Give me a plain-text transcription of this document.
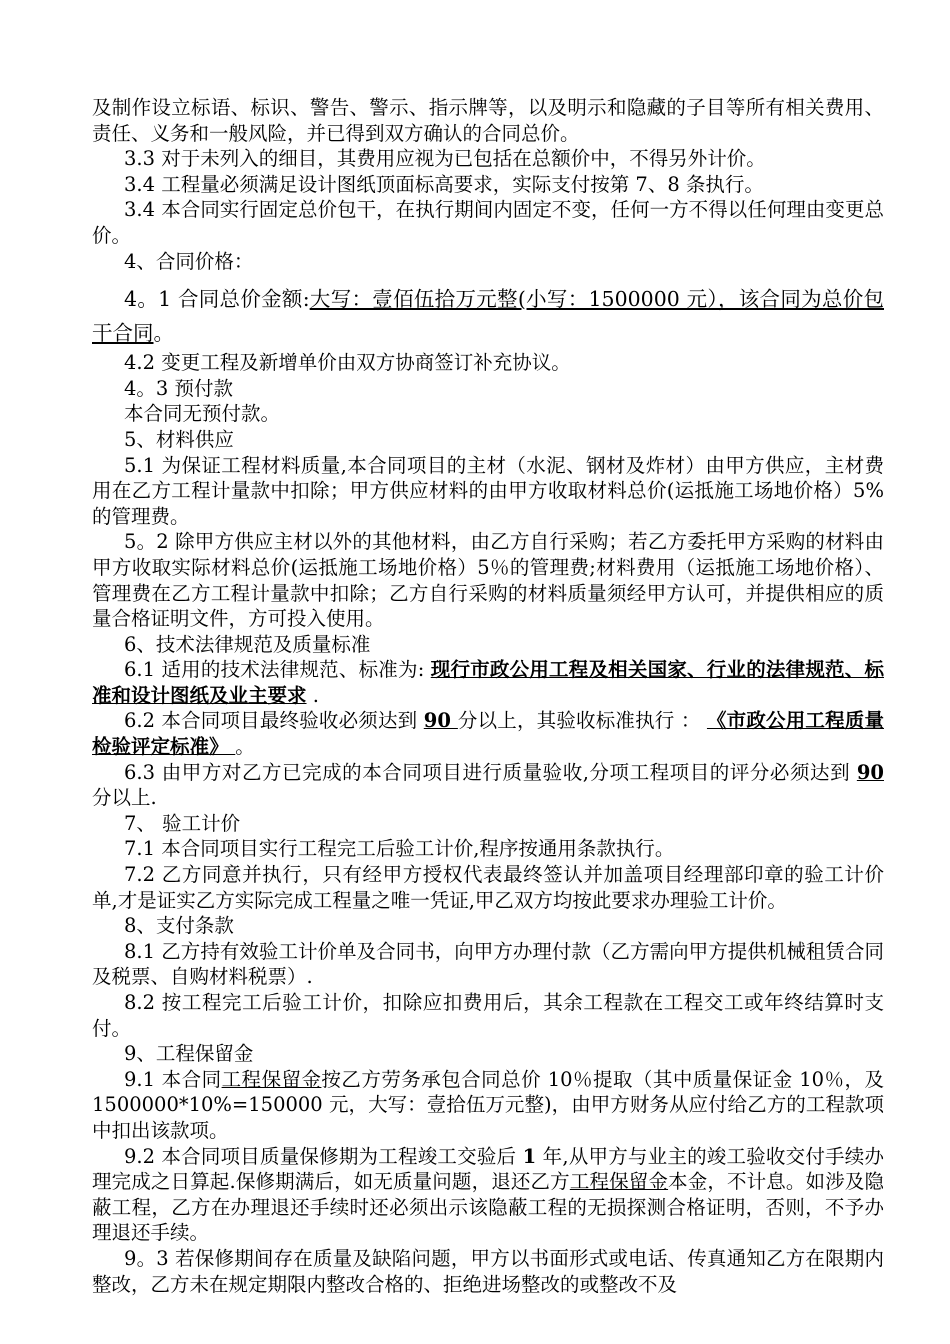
及制作设立标语、标识、警告、警示、指示牌等，以及明示和隐藏的子目等所有相关费用、责任、义务和一般风险，并已得到双方确认的合同总价。

3.3 对于未列入的细目，其费用应视为已包括在总额价中，不得另外计价。

3.4 工程量必须满足设计图纸顶面标高要求，实际支付按第 7、8 条执行。

3.4 本合同实行固定总价包干，在执行期间内固定不变，任何一方不得以任何理由变更总价。

4、合同价格：

4。1 合同总价金额:大写：壹佰伍拾万元整(小写：1500000 元），该合同为总价包干合同。

4.2 变更工程及新增单价由双方协商签订补充协议。

4。3 预付款

本合同无预付款。

5、材料供应

5.1 为保证工程材料质量,本合同项目的主材（水泥、钢材及炸材）由甲方供应，主材费用在乙方工程计量款中扣除；甲方供应材料的由甲方收取材料总价(运抵施工场地价格）5%的管理费。

5。2 除甲方供应主材以外的其他材料，由乙方自行采购；若乙方委托甲方采购的材料由甲方收取实际材料总价(运抵施工场地价格）5％的管理费;材料费用（运抵施工场地价格）、管理费在乙方工程计量款中扣除；乙方自行采购的材料质量须经甲方认可，并提供相应的质量合格证明文件，方可投入使用。

6、技术法律规范及质量标准

6.1 适用的技术法律规范、标准为: 现行市政公用工程及相关国家、行业的法律规范、标准和设计图纸及业主要求 .

6.2 本合同项目最终验收必须达到 90 分以上，其验收标准执行 ： 《市政公用工程质量检验评定标准》 。

6.3 由甲方对乙方已完成的本合同项目进行质量验收,分项工程项目的评分必须达到 90 分以上.

7、 验工计价

7.1 本合同项目实行工程完工后验工计价,程序按通用条款执行。

7.2 乙方同意并执行，只有经甲方授权代表最终签认并加盖项目经理部印章的验工计价单,才是证实乙方实际完成工程量之唯一凭证,甲乙双方均按此要求办理验工计价。

8、支付条款

8.1 乙方持有效验工计价单及合同书，向甲方办理付款（乙方需向甲方提供机械租赁合同及税票、自购材料税票）.

8.2 按工程完工后验工计价，扣除应扣费用后，其余工程款在工程交工或年终结算时支付。

9、工程保留金

9.1 本合同工程保留金按乙方劳务承包合同总价 10％提取（其中质量保证金 10％，及 1500000*10%=150000 元，大写：壹拾伍万元整)，由甲方财务从应付给乙方的工程款项中扣出该款项。

9.2 本合同项目质量保修期为工程竣工交验后 1 年,从甲方与业主的竣工验收交付手续办理完成之日算起.保修期满后，如无质量问题，退还乙方工程保留金本金，不计息。如涉及隐蔽工程，乙方在办理退还手续时还必须出示该隐蔽工程的无损探测合格证明，否则，不予办理退还手续。

9。3 若保修期间存在质量及缺陷问题，甲方以书面形式或电话、传真通知乙方在限期内整改，乙方未在规定期限内整改合格的、拒绝进场整改的或整改不及
